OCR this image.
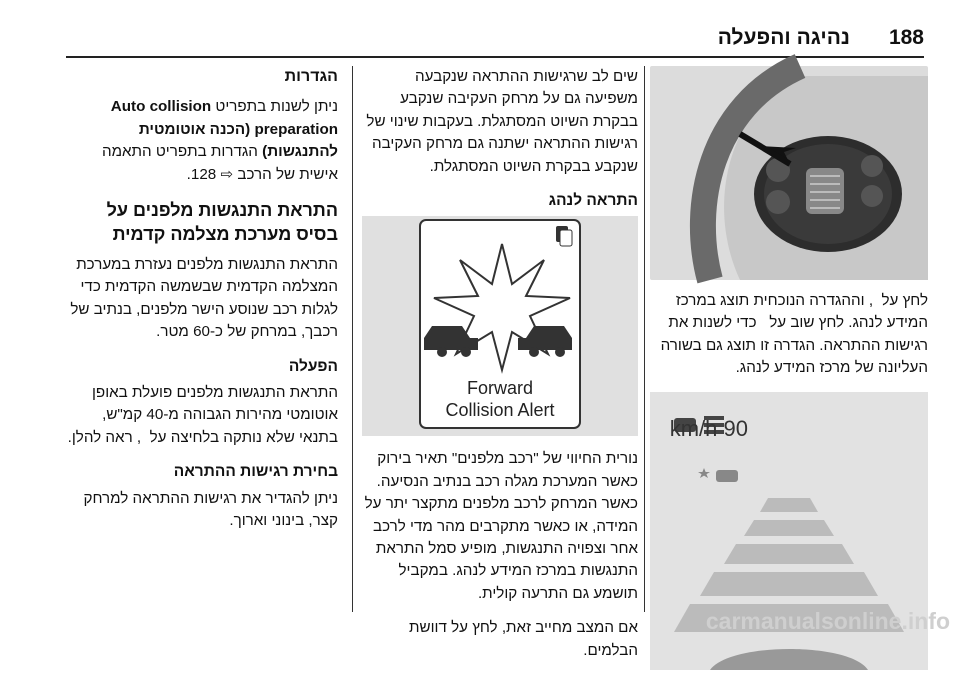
188
נהיגה והפעלה

לחץ על ⁨ ⁩, וההגדרה הנוכחית תוצג במרכז המידע לנהג. לחץ שוב על ⁨ ⁩ כדי לשנות את רגישות ההתראה. הגדרה זו תוצג גם בשורה העליונה של מרכז המידע לנהג.

90 km/h

שים לב שרגישות ההתראה שנקבעה משפיעה גם על מרחק העקיבה שנקבע בבקרת השיוט המסתגלת. בעקבות שינוי של רגישות ההתראה ישתנה גם מרחק העקיבה שנקבע בבקרת השיוט המסתגלת.

התראה לנהג
Forward
Collision Alert

נורית החיווי של "רכב מלפנים" תאיר בירוק כאשר המערכת מגלה רכב בנתיב הנסיעה. כאשר המרחק לרכב מלפנים מתקצר יתר על המידה, או כאשר מתקרבים מהר מדי לרכב אחר וצפויה התנגשות, מופיע סמל התראת התנגשות במרכז המידע לנהג. במקביל תושמע גם התרעה קולית.

אם המצב מחייב זאת, לחץ על דוושת הבלמים.

הגדרות

ניתן לשנות בתפריט Auto collision preparation (הכנה אוטומטית להתנגשות) הגדרות בתפריט התאמה אישית של הרכב ⇨ 128.

התראת התנגשות מלפנים על בסיס מערכת מצלמה קדמית

התראת התנגשות מלפנים נעזרת במערכת המצלמה הקדמית שבשמשה הקדמית כדי לגלות רכב שנוסע הישר מלפנים, בנתיב של רכבך, במרחק של כ-60 מטר.

הפעלה

התראת התנגשות מלפנים פועלת באופן אוטומטי מהירות הגבוהה מ-40 קמ"ש, בתנאי שלא נותקה בלחיצה על ⁨ ⁩, ראה להלן.

בחירת רגישות ההתראה

ניתן להגדיר את רגישות ההתראה למרחק קצר, בינוני וארוך.

carmanualsonline.info
